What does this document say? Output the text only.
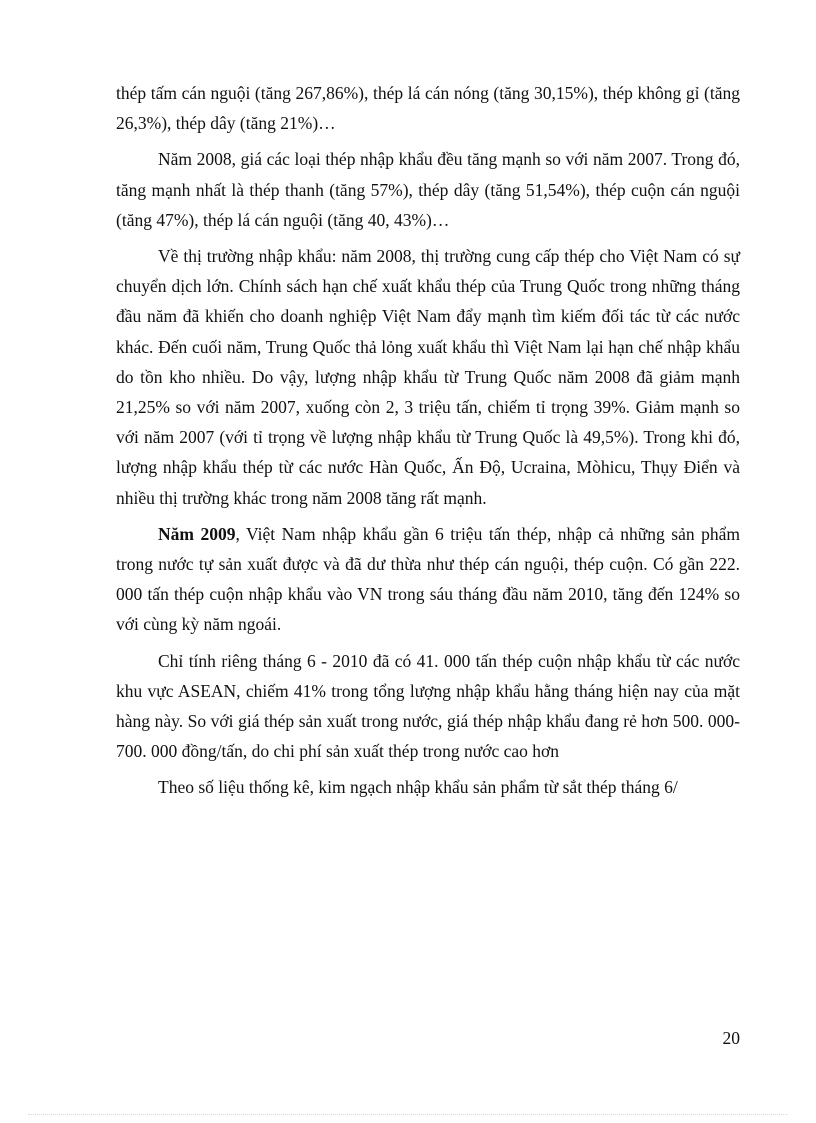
thép tấm cán nguội (tăng 267,86%), thép lá cán nóng (tăng 30,15%), thép không gỉ (tăng 26,3%), thép dây (tăng 21%)…

Năm 2008, giá các loại thép nhập khẩu đều tăng mạnh so với năm 2007. Trong đó, tăng mạnh nhất là thép thanh (tăng 57%), thép dây (tăng 51,54%), thép cuộn cán nguội (tăng 47%), thép lá cán nguội (tăng 40, 43%)…

Về thị trường nhập khẩu: năm 2008, thị trường cung cấp thép cho Việt Nam có sự chuyển dịch lớn. Chính sách hạn chế xuất khẩu thép của Trung Quốc trong những tháng đầu năm đã khiến cho doanh nghiệp Việt Nam đẩy mạnh tìm kiếm đối tác từ các nước khác. Đến cuối năm, Trung Quốc thả lỏng xuất khẩu thì Việt Nam lại hạn chế nhập khẩu do tồn kho nhiều. Do vậy, lượng nhập khẩu từ Trung Quốc năm 2008 đã giảm mạnh 21,25% so với năm 2007, xuống còn 2, 3 triệu tấn, chiếm tỉ trọng 39%. Giảm mạnh so với năm 2007 (với tỉ trọng về lượng nhập khẩu từ Trung Quốc là 49,5%). Trong khi đó, lượng nhập khẩu thép từ các nước Hàn Quốc, Ấn Độ, Ucraina, Mòhicu, Thụy Điển và nhiều thị trường khác trong năm 2008 tăng rất mạnh.

Năm 2009, Việt Nam nhập khẩu gần 6 triệu tấn thép, nhập cả những sản phẩm trong nước tự sản xuất được và đã dư thừa như thép cán nguội, thép cuộn. Có gần 222. 000 tấn thép cuộn nhập khẩu vào VN trong sáu tháng đầu năm 2010, tăng đến 124% so với cùng kỳ năm ngoái.

Chỉ tính riêng tháng 6 - 2010 đã có 41. 000 tấn thép cuộn nhập khẩu từ các nước khu vực ASEAN, chiếm 41% trong tổng lượng nhập khẩu hằng tháng hiện nay của mặt hàng này. So với giá thép sản xuất trong nước, giá thép nhập khẩu đang rẻ hơn 500. 000-700. 000 đồng/tấn, do chi phí sản xuất thép trong nước cao hơn

Theo số liệu thống kê, kim ngạch nhập khẩu sản phẩm từ sắt thép tháng 6/

20
